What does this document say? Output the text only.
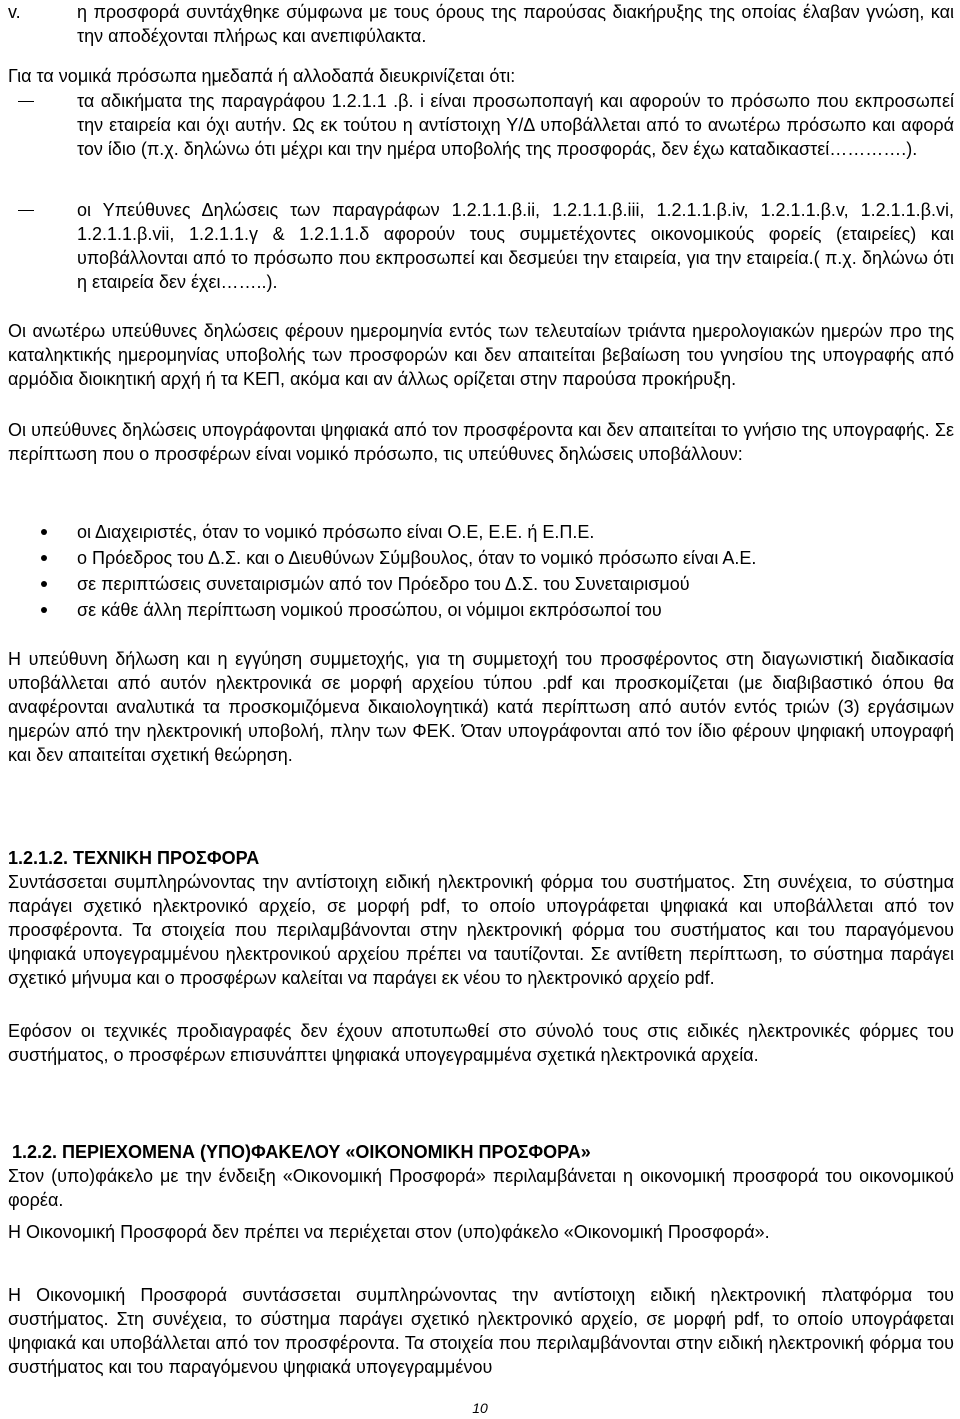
v.	η προσφορά συντάχθηκε σύμφωνα με τους όρους της παρούσας διακήρυξης της οποίας έλαβαν γνώση, και την αποδέχονται πλήρως και ανεπιφύλακτα.

Για τα νομικά πρόσωπα ημεδαπά ή αλλοδαπά διευκρινίζεται ότι:

τα αδικήματα της παραγράφου 1.2.1.1 .β. i είναι προσωποπαγή και αφορούν το πρόσωπο που εκπροσωπεί την εταιρεία και όχι αυτήν. Ως εκ τούτου η αντίστοιχη Υ/Δ υποβάλλεται από το ανωτέρω πρόσωπο και αφορά τον ίδιο (π.χ. δηλώνω ότι μέχρι και την ημέρα υποβολής της προσφοράς, δεν έχω καταδικαστεί………….).

οι Υπεύθυνες Δηλώσεις των παραγράφων 1.2.1.1.β.ii, 1.2.1.1.β.iii, 1.2.1.1.β.iv, 1.2.1.1.β.v, 1.2.1.1.β.vi, 1.2.1.1.β.vii, 1.2.1.1.γ & 1.2.1.1.δ αφορούν τους συμμετέχοντες οικονομικούς φορείς (εταιρείες) και υποβάλλονται από το πρόσωπο που εκπροσωπεί και δεσμεύει την εταιρεία, για την εταιρεία.( π.χ. δηλώνω ότι η εταιρεία δεν έχει……..).

Οι ανωτέρω υπεύθυνες δηλώσεις φέρουν ημερομηνία εντός των τελευταίων τριάντα ημερολογιακών ημερών προ της καταληκτικής ημερομηνίας υποβολής των προσφορών και δεν απαιτείται βεβαίωση του γνησίου της υπογραφής από αρμόδια διοικητική αρχή ή τα ΚΕΠ, ακόμα και αν άλλως ορίζεται στην παρούσα προκήρυξη.

Οι υπεύθυνες δηλώσεις υπογράφονται ψηφιακά από τον προσφέροντα και δεν απαιτείται το γνήσιο της υπογραφής. Σε περίπτωση που ο προσφέρων είναι νομικό πρόσωπο, τις υπεύθυνες δηλώσεις υποβάλλουν:

οι Διαχειριστές, όταν το νομικό πρόσωπο είναι Ο.Ε, Ε.Ε. ή Ε.Π.Ε.

ο Πρόεδρος του Δ.Σ. και ο Διευθύνων Σύμβουλος, όταν το νομικό πρόσωπο είναι Α.Ε.

σε περιπτώσεις συνεταιρισμών από τον Πρόεδρο του Δ.Σ. του Συνεταιρισμού

σε κάθε άλλη περίπτωση νομικού προσώπου, οι νόμιμοι εκπρόσωποί του

Η υπεύθυνη δήλωση και η εγγύηση συμμετοχής, για τη συμμετοχή του προσφέροντος στη διαγωνιστική διαδικασία υποβάλλεται από αυτόν ηλεκτρονικά σε μορφή αρχείου τύπου .pdf και προσκομίζεται (με διαβιβαστικό όπου θα αναφέρονται αναλυτικά τα προσκομιζόμενα δικαιολογητικά) κατά περίπτωση από αυτόν εντός τριών (3) εργάσιμων ημερών από την ηλεκτρονική υποβολή, πλην των ΦΕΚ. Όταν υπογράφονται από τον ίδιο φέρουν ψηφιακή υπογραφή και δεν απαιτείται σχετική θεώρηση.

1.2.1.2. ΤΕΧΝΙΚΗ ΠΡΟΣΦΟΡΑ

Συντάσσεται συμπληρώνοντας την αντίστοιχη ειδική ηλεκτρονική φόρμα του συστήματος. Στη συνέχεια, το σύστημα παράγει σχετικό ηλεκτρονικό αρχείο, σε μορφή pdf, το οποίο υπογράφεται ψηφιακά και υποβάλλεται από τον προσφέροντα. Τα στοιχεία που περιλαμβάνονται στην ηλεκτρονική φόρμα του συστήματος και του παραγόμενου ψηφιακά υπογεγραμμένου ηλεκτρονικού αρχείου πρέπει να ταυτίζονται. Σε αντίθετη περίπτωση, το σύστημα παράγει σχετικό μήνυμα και ο προσφέρων καλείται να παράγει εκ νέου το ηλεκτρονικό αρχείο pdf.

Εφόσον οι τεχνικές προδιαγραφές δεν έχουν αποτυπωθεί στο σύνολό τους στις ειδικές ηλεκτρονικές φόρμες του συστήματος, ο προσφέρων επισυνάπτει ψηφιακά υπογεγραμμένα σχετικά ηλεκτρονικά αρχεία.

1.2.2. ΠΕΡΙΕΧΟΜΕΝΑ (ΥΠΟ)ΦΑΚΕΛΟΥ «ΟΙΚΟΝΟΜΙΚΗ ΠΡΟΣΦΟΡΑ»

Στον (υπο)φάκελο με την ένδειξη «Οικονομική Προσφορά» περιλαμβάνεται η οικονομική προσφορά του οικονομικού φορέα.

Η Οικονομική Προσφορά δεν πρέπει να περιέχεται στον (υπο)φάκελο «Οικονομική Προσφορά».

Η Οικονομική Προσφορά συντάσσεται συμπληρώνοντας την αντίστοιχη ειδική ηλεκτρονική πλατφόρμα του συστήματος. Στη συνέχεια, το σύστημα παράγει σχετικό ηλεκτρονικό αρχείο, σε μορφή pdf, το οποίο υπογράφεται ψηφιακά και υποβάλλεται από τον προσφέροντα. Τα στοιχεία που περιλαμβάνονται στην ειδική ηλεκτρονική φόρμα του συστήματος και του παραγόμενου ψηφιακά υπογεγραμμένου

10
